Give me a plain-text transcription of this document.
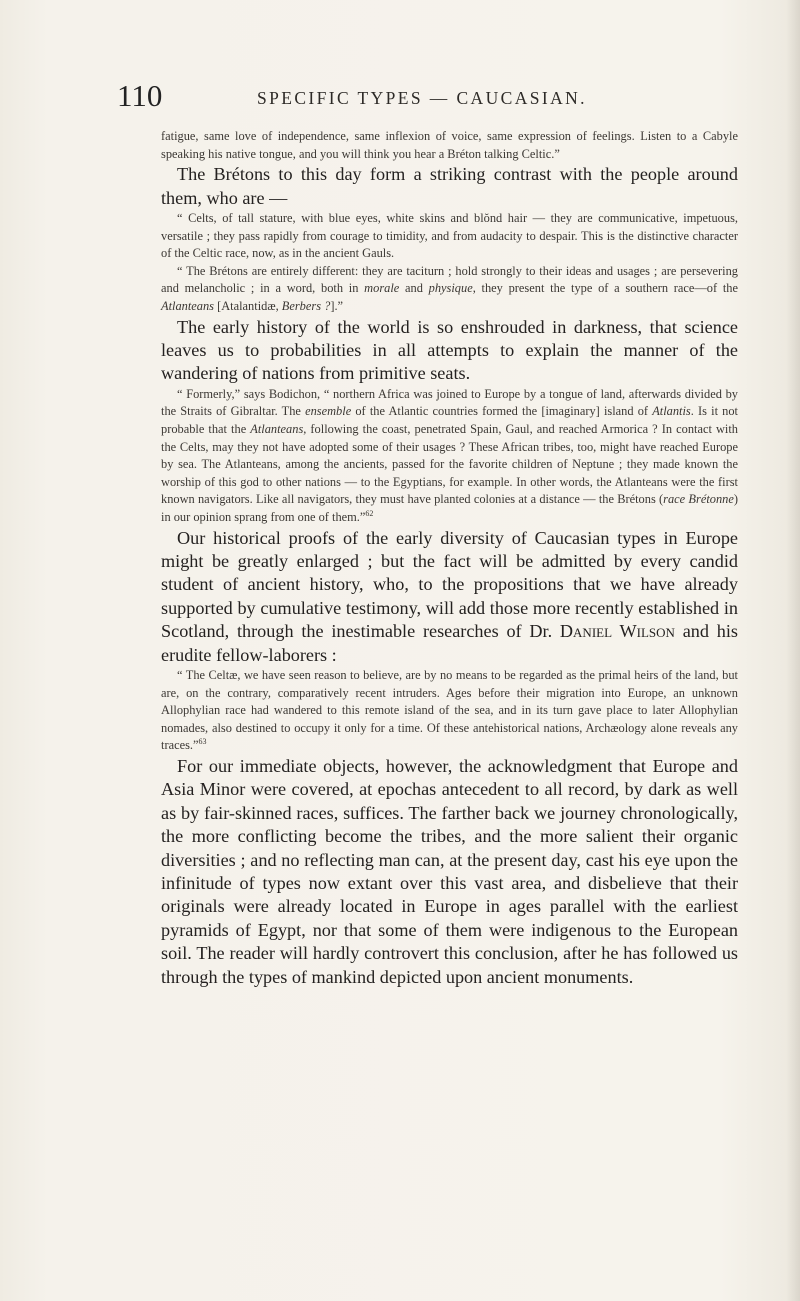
110	SPECIFIC TYPES — CAUCASIAN.

fatigue, same love of independence, same inflexion of voice, same expression of feelings. Listen to a Cabyle speaking his native tongue, and you will think you hear a Bréton talking Celtic.”

The Brétons to this day form a striking contrast with the people around them, who are —

“ Celts, of tall stature, with blue eyes, white skins and blŏnd hair — they are communicative, impetuous, versatile ; they pass rapidly from courage to timidity, and from audacity to despair. This is the distinctive character of the Celtic race, now, as in the ancient Gauls.

“ The Brétons are entirely different: they are taciturn ; hold strongly to their ideas and usages ; are persevering and melancholic ; in a word, both in morale and physique, they present the type of a southern race—of the Atlanteans [Atalantidæ, Berbers ?].”

The early history of the world is so enshrouded in darkness, that science leaves us to probabilities in all attempts to explain the manner of the wandering of nations from primitive seats.

“ Formerly,” says Bodichon, “ northern Africa was joined to Europe by a tongue of land, afterwards divided by the Straits of Gibraltar. The ensemble of the Atlantic countries formed the [imaginary] island of Atlantis. Is it not probable that the Atlanteans, following the coast, penetrated Spain, Gaul, and reached Armorica ? In contact with the Celts, may they not have adopted some of their usages ? These African tribes, too, might have reached Europe by sea. The Atlanteans, among the ancients, passed for the favorite children of Neptune ; they made known the worship of this god to other nations — to the Egyptians, for example. In other words, the Atlanteans were the first known navigators. Like all navigators, they must have planted colonies at a distance — the Brétons (race Brétonne) in our opinion sprang from one of them.”$^{62}$

Our historical proofs of the early diversity of Caucasian types in Europe might be greatly enlarged ; but the fact will be admitted by every candid student of ancient history, who, to the propositions that we have already supported by cumulative testimony, will add those more recently established in Scotland, through the inestimable researches of Dr. Daniel Wilson and his erudite fellow-laborers :

“ The Celtæ, we have seen reason to believe, are by no means to be regarded as the primal heirs of the land, but are, on the contrary, comparatively recent intruders. Ages before their migration into Europe, an unknown Allophylian race had wandered to this remote island of the sea, and in its turn gave place to later Allophylian nomades, also destined to occupy it only for a time. Of these antehistorical nations, Archæology alone reveals any traces.”$^{63}$

For our immediate objects, however, the acknowledgment that Europe and Asia Minor were covered, at epochas antecedent to all record, by dark as well as by fair-skinned races, suffices. The farther back we journey chronologically, the more conflicting become the tribes, and the more salient their organic diversities ; and no reflecting man can, at the present day, cast his eye upon the infinitude of types now extant over this vast area, and disbelieve that their originals were already located in Europe in ages parallel with the earliest pyramids of Egypt, nor that some of them were indigenous to the European soil. The reader will hardly controvert this conclusion, after he has followed us through the types of mankind depicted upon ancient monuments.
